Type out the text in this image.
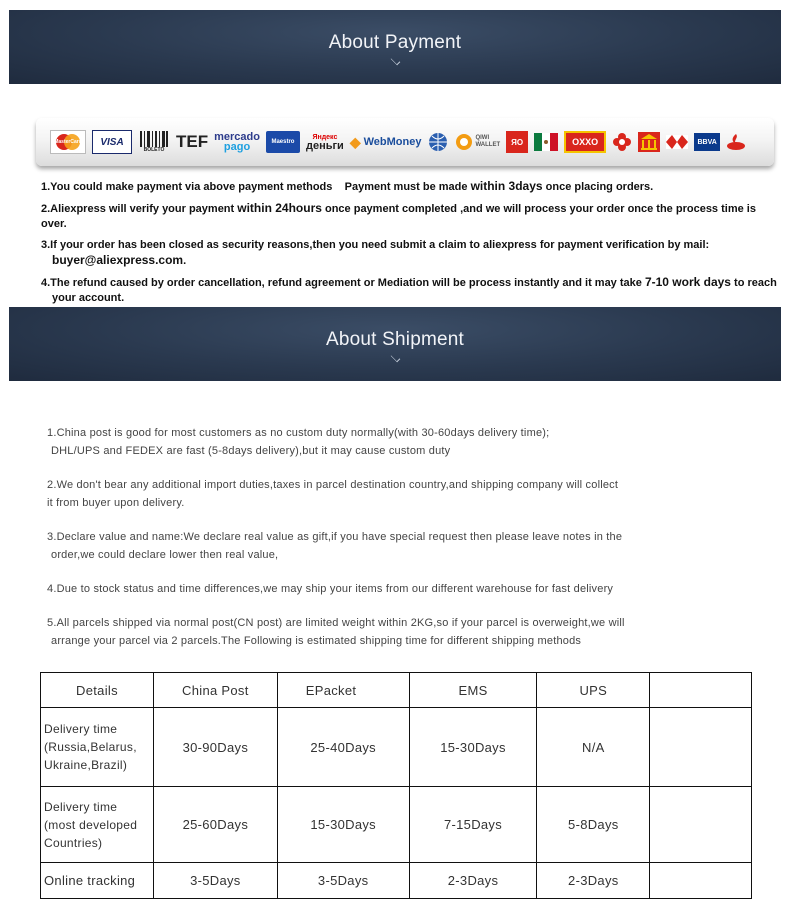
About Payment
MasterCard	VISA
BOLETO TEF mercado
pago	Maestro
Яндекс
деньги ◆ WebMoney	QIWI
WALLET	ЯО	OXXO	BBVA

1.You could make payment via above payment methods Payment must be made within 3days once placing orders.

2.Aliexpress will verify your payment within 24hours once payment completed ,and we will process your order once the process time is over.

3.If your order has been closed as security reasons,then you need submit a claim to aliexpress for payment verification by mail:

buyer@aliexpress.com.

4.The refund caused by order cancellation, refund agreement or Mediation will be process instantly and it may take 7-10 work days to reach

your account.

About Shipment

1.China post is good for most customers as no custom duty normally(with 30-60days delivery time);
DHL/UPS and FEDEX are fast (5-8days delivery),but it may cause custom duty

2.We don't bear any additional import duties,taxes in parcel destination country,and shipping company will collect
it from buyer upon delivery.

3.Declare value and name:We declare real value as gift,if you have special request then please leave notes in the
order,we could declare lower then real value,

4.Due to stock status and time differences,we may ship your items from our different warehouse for fast delivery

5.All parcels shipped via normal post(CN post) are limited weight within 2KG,so if your parcel is overweight,we will
arrange your parcel via 2 parcels.The Following is estimated shipping time for different shipping methods

Details	China Post	EPacket	EMS	UPS	
Delivery time
(Russia,Belarus,
Ukraine,Brazil)	30-90Days	25-40Days	15-30Days	N/A	
Delivery time
(most developed
Countries)	25-60Days	15-30Days	7-15Days	5-8Days	
Online tracking	3-5Days	3-5Days	2-3Days	2-3Days	
